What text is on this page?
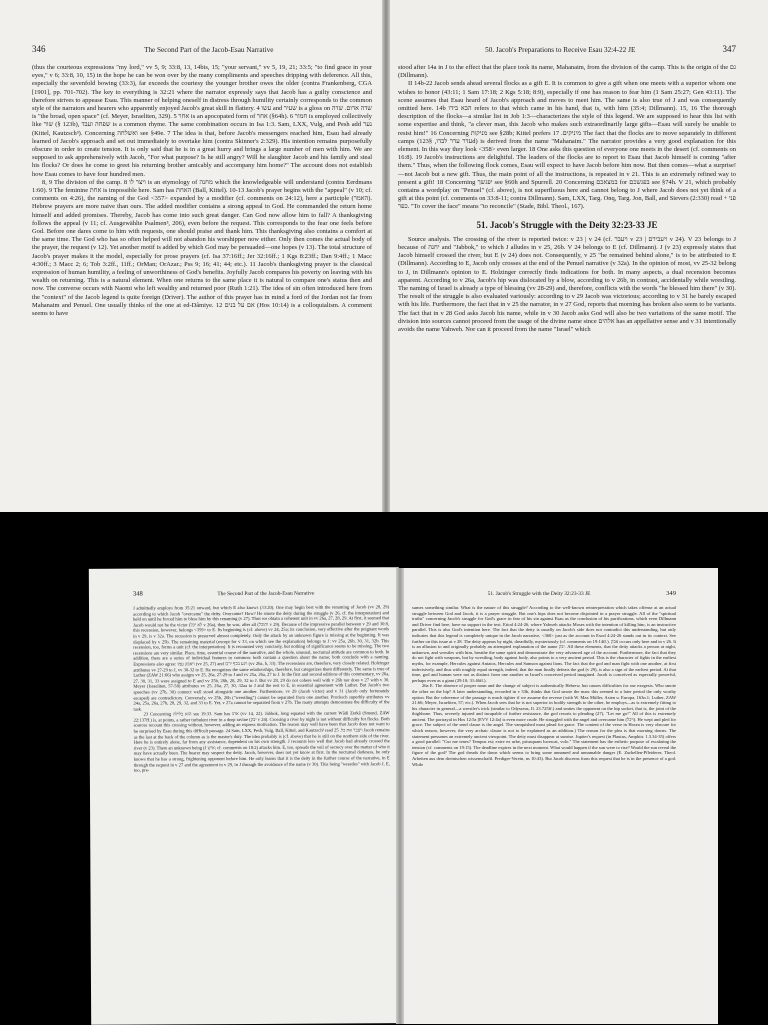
346	The Second Part of the Jacob-Esau Narrative

(thus the courteous expressions "my lord," vv 5, 9; 33:8, 13, 14bis, 15; "your servant," vv 5, 19, 21; 33:5; "to find grace in your eyes," v 6; 33:8, 10, 15) in the hope he can be won over by the many compliments and speeches dripping with deference. All this, especially the sevenfold bowing (33:3), far exceeds the courtesy the younger brother owes the older (contra Frankenberg, CGA [1901], pp. 701-702). The key to everything is 32:21 where the narrator expressly says that Jacob has a guilty conscience and therefore strives to appease Esau. This manner of helping oneself in distress through humility certainly corresponds to the common style of the narrators and hearers who apparently enjoyed Jacob's great skill in flattery. 4 עשו and שעיר is a gloss on שדה אדום. שדה is "the broad, open space" (cf. Meyer, Israeliten, 329). 5 אחר is an apocopated form of אחר (§64h). 6 חמור is employed collectively like שור (§ 123b), שפחה ועבד is a common rhyme. The same combination occurs in Isa 1:3. Sam, LXX, Vulg, and Pesh add נער (Kittel, Kautzsch³). Concerning ואשלחה see §49e. 7 The idea is that, before Jacob's messengers reached him, Esau had already learned of Jacob's approach and set out immediately to overtake him (contra Skinner's 2:329). His intention remains purposefully obscure in order to create tension. It is only said that he is in a great hurry and brings a large number of men with him. We are supposed to ask apprehensively with Jacob, "For what purpose? Is he still angry? Will he slaughter Jacob and his family and steal his flocks? Or does he come to greet his returning brother amicably and accompany him home?" The account does not establish how Esau comes to have four hundred men.

8, 9 The division of the camp. 8 ויצר לו is an etymology of מחנה which the knowledgeable will understand (contra Eerdmans 1:60). 9 The feminine אחת is impossible here. Sam has האחת (Ball, Kittel). 10-13 Jacob's prayer begins with the "appeal" (v 10; cf. comments on 4:26), the naming of the God <357> expanded by a modifier (cf. comments on 24:12), here a participle (האמר). Hebrew prayers are more naive than ours. The added modifier contains a strong appeal to God. He commanded the return home himself and added promises. Thereby, Jacob has come into such great danger. Can God now allow him to fall? A thanksgiving follows the appeal (v 11; cf. Ausgewählte Psalmen³, 206), even before the request. This corresponds to the fear one feels before God. Before one dares come to him with requests, one should praise and thank him. This thanksgiving also contains a comfort at the same time. The God who has so often helped will not abandon his worshipper now either. Only then comes the actual body of the prayer, the request (v 12). Yet another motif is added by which God may be persuaded—one hopes (v 13). The total structure of Jacob's prayer makes it the model, especially for prose prayers (cf. Isa 37:16ff.; Jer 32:16ff.; 1 Kgs 8:23ff.; Dan 9:4ff.; 1 Macc 4:30ff.; 3 Macc 2; 6; Tob 3:2ff., 11ff.; OrMan; OrAzar.; Pss 9; 16; 41; 44; etc.). 11 Jacob's thanksgiving prayer is the classical expression of human humility, a feeling of unworthiness of God's benefits. Joyfully Jacob compares his poverty on leaving with his wealth on returning. This is a natural element. When one returns to the same place it is natural to compare one's status then and now. The converse occurs with Naomi who left wealthy and returned poor (Ruth 1:21). The idea of sin often introduced here from the "context" of the Jacob legend is quite foreign (Driver). The author of this prayer has in mind a ford of the Jordan not far from Mahanaim and Penuel. One usually thinks of the one at ed-Dâmiye. 12 אם על בנים (Hos 10:14) is a colloquialism. A comment seems to have

50. Jacob's Preparations to Receive Esau 32:4-22 JE	347

stood after 14a in J to the effect that the place took its name, Mahanaim, from the division of the camp. This is the origin of the גם (Dillmann).

II 14b-22 Jacob sends ahead several flocks as a gift E. It is common to give a gift when one meets with a superior whom one wishes to honor (43:11; 1 Sam 17:18; 2 Kgs 5:18; 8:9), especially if one has reason to fear him (1 Sam 25:27; Gen 43:11). The scene assumes that Esau heard of Jacob's approach and moves to meet him. The same is also true of J and was consequently omitted here. 14b הבא בידו refers to that which came in his hand, that is, with him (35:4; Dillmann). 15, 16 The thorough description of the flocks—a similar list in Job 1:3—characterizes the style of this legend. We are supposed to hear this list with some expertise and think, "a clever man, this Jacob who makes such extraordinarily large gifts—Esau will surely be unable to resist him!" 16 Concerning מניקות see §28b; Kittel prefers מיניקים. 17 The fact that the flocks are to move separately in different camps (עדר עדר לבדו, §123d) is derived from the name "Mahanaim." The narrator provides a very good explanation for this element. In this way they look <358> even larger. 18 One asks this question of everyone one meets in the desert (cf. comments on 16:8). 19 Jacob's instructions are delightful. The leaders of the flocks are to report to Esau that Jacob himself is coming "after them." Thus, when the following flock comes, Esau will expect to have Jacob before him now. But then comes—what a surprise!—not Jacob but a new gift. Thus, the main point of all the instructions, is repeated in v 21. This is an extremely refined way to present a gift! 18 Concerning יפגשך see §60h and Spurrell. 20 Concerning במצאכם for בפגשכם see §74h. V 21, which probably contains a wordplay on "Penuel" (cf. above), is not superfluous here and cannot belong to J where Jacob does not yet think of a gift at this point (cf. comments on 33:8-11; contra Dillmann). Sam, LXX, Targ. Onq, Targ. Jon, Ball, and Sievers (2:330) read פני + כפר. "To cover the face" means "to reconcile" (Stade, Bibl. Theol., 167).

51. Jacob's Struggle with the Deity 32:23-33 JE

Source analysis. The crossing of the river is reported twice: v 23 | v 24 (cf. ויעבר v 23 | ויעבירם v 24). V 23 belongs to J because of יחנה and "Jabbok," to which J alludes in v 25, 26b. V 24 belongs to E (cf. Dillmann). J (v 23) expressly states that Jacob himself crossed the river, but E (v 24) does not. Consequently, v 25 "he remained behind alone," is to be attributed to E (Dillmann). According to E, Jacob only crosses at the end of the Penuel narrative (v 32a). In the opinion of most, vv 25-32 belong to J, in Dillmann's opinion to E. Holzinger correctly finds indications for both. In many aspects, a dual recension becomes apparent. According to v 26a, Jacob's hip was dislocated by a blow, according to v 26b, in contrast, accidentally while wrestling. The naming of Israel is already a type of blessing (vv 28-29) and, therefore, conflicts with the words "he blessed him there" (v 30). The result of the struggle is also evaluated variously: according to v 29 Jacob was victorious; according to v 31 he barely escaped with his life. Furthermore, the fact that in v 25 the narrator, in v 27 God, reports that morning has broken also seem to be variants. The fact that in v 28 God asks Jacob his name, while in v 30 Jacob asks God will also be two variations of the same motif. The division into sources cannot proceed from the usage of the divine name since אלהים has an appellative sense and v 31 intentionally avoids the name Yahweh. Nor can it proceed from the name "Israel" which

348	The Second Part of the Jacob-Esau Narrative

J admittedly employs from 35:21 onward, but which E also knows (33:20). One may begin best with the renaming of Jacob (vv 28, 29) according to which Jacob "overcame" the deity. Overcame? How? He smote the deity during the struggle (v 26, cf. the interpretation) and held on until he forced him to bless him by this renaming (v 27). Thus we obtain a coherent unit in vv 26a, 27, 28, 29. At first, it seemed that Jacob would not be the victor (לא יכל v 26a), then he was, after all (ותוכל v 29). Because of the impressive parallel between v 29 and 30:8, this recension, however, belongs <359> to E. Its beginning is (cf. above) vv 24, 25a; its conclusion, very effective after the poignant words in v 29, is v 32a. The recession is preserved almost completely. Only the attack by an unknown figure is missing at the beginning. It was displaced by v 25b. The remaining material (except for v 33, on which see the explanation) belongs to J: vv 25a, 26b, 30, 31, 32b. This recension, too, forms a unit (cf. the interpretation). It is recounted very concisely, but nothing of significance seems to be missing. The two recensions are very similar. Place, time, essential course of the narrative, and the whole, unusual, nocturnal attitude are common to both. In addition, there are a series of individual features in common: both contain a question about the name; both conclude with a naming. Expressions also agree: ויאבק עמו (vv 25, 27) and ויגע בכף ירכו (vv 26a, b, 33). The recensions are, therefore, very closely related. Holzinger attributes vv 27-29 to J, vv 30-32 to E. He recognizes the same relationships, therefore, but categorizes them differently. The same is true of Luther (ZAW 21:66) who assigns vv 25, 26a, 27-29 to J and vv 25a, 26a, 27 to J. In the first and second editions of this commentary, vv 26a, 27, 30, 31, 33 were assigned to E and vv 25b, 26b, 28, 29, 32 to J. But vv 28, 29 do not cohere well with v 26b nor does v 27 with v 30. Meyer (Israeliten, 57-58) attributes vv 25, 26a, 27, 30, 32aa to J and the rest to E, in essential agreement with Luther. But Jacob's two speeches (vv 27b, 30) connect well stood alongside one another. Furthermore, vv 29 (Jacob victor) and v 31 (Jacob only fortunately escaped) are contradictory. Conversely, vv 25b, 26b ("wrestling") cannot be separated from one another. Procksch superbly attributes vv 24a, 25a, 26a, 27b, 28, 29, 32, and 33 to E. Yet, v 27a cannot be separated from v 27b. The many attempts demonstrate the difficulty of the task.

23 Concerning הוא בלילה see 19:33. Sam has אתו (vv 14, 22). Jabbok, long equated with the current Wâdi Zerkâ (Smend, ZAW 22:137ff.) is, at points, a rather turbulent river in a deep ravine (יבק v 24). Crossing a river by night is not without difficulty for flocks. Both sources recount this crossing without, however, adding an express motivation. The reason may well have been that Jacob does not want to be surprised by Esau during this difficult passage. 24 Sam, LXX, Pesh, Vulg, Ball, Kittel, and Kautzsch³ read ויעבר את כל. 25 Jacob remains as the last at the back of the column as is the master's duty. The idea probably is (cf. above) that he is still on the northern side of the river. Here he is entirely alone, far from any assistance, dependent on his own strength. J recounts less well that Jacob had already crossed the river (v 23). There an unknown being (J איש; cf. comments on 18:2) attacks him. E, too, spreads the veil of secrecy over the matter of who it may have actually been. The hearer may suspect the deity. Jacob, however, does not yet know at first. In the nocturnal darkness, he only knows that he has a strong, frightening opponent before him. He only learns that it is the deity in the further course of the narrative, in E through the request in v 27 and the agreement in v 29, in J through the avoidance of the name (v 30). This being "wrestles" with Jacob J, E, too, pre-

51. Jacob's Struggle with the Deity 32:23-33 JE	349

sumes something similar. What is the nature of this struggle? According to the well-known reinterpretation which takes offense at an actual struggle between God and Jacob, it is a prayer struggle. But one's hips does not become disjointed in a prayer struggle. All of the "spiritual truths" concerning Jacob's struggle for God's grace in fear of his sin against Esau as the conclusion of his purifications, which even Dillmann and Driver find here, have no support in the text. Etiod 4:24-26, where Yahweh attacks Moses with the intention of killing him, is an instructive parallel. This is also God's intention here. The fact that the deity is usually on Jacob's side does not contradict this understanding, but only indicates that this legend is completely unique in the Jacob narrative, <360> just as the account in Exod 4:24-26 stands out in its context. See further on this issue at v 28. The deity appears by night, dreadfully, mysteriously (cf. comments on 19:14ff.). אבק occurs only here and in v 26. It is an allusion to and originally probably an attempted explanation of the name יבק. All these elements, that the deity attacks a person at night, unknown, and wrestles with him, breathe the same spirit and demonstrate the very advanced age of the account. Furthermore, the fact that they do not fight with weapons, but by wrestling, body against body, also points to a very ancient period. This is the character of fights in the earliest myths, for example, Hercules against Antaios, Hercules and Samson against lions. The fact that the god and man fight with one another, at first indecisively, and thus with roughly equal strength, indeed, that the man finally defeats the god (v 29), is also a sign of the earliest period. At that time, god and human were not as distinct from one another as Israel's conceived period imagined. Jacob is conceived as especially powerful, perhaps even as a giant (29:10; 31:46ff.).

26a E. The absence of proper noun and the change of subject is authentically Hebrew, but causes difficulties for our exegesis. Who smote the other on the hip? A later understanding, recorded in v 33b, thinks that God smote the man: this seemed to a later period the only worthy option. But the coherence of the passage is much tighter if we assume the reverse (with W. Max Müller, Asien u. Europa, 163n.1; Luther, ZAW 21:66; Meyer, Israeliten, 57; etc.). When Jacob sees that he is not superior in bodily strength to the other, he employs—as is extremely fitting to his character in general—a wrestler's trick (similar to Odysseus, Il. 23.725ff.) and smites the opponent on the hip socket, that is, the joint of the thighbone. Thus, severely injured and incapable of further resistance, the god resorts to pleading (27), "Let me go!" All of this is extremely ancient. The portrayal in Hos 12:5a [EVV 12:4a] is even more crude. He struggled with the angel and overcame him (ויכל). He wept and pled for grace. The subject of the send clause is the angel. The vanquished must plead for grace. The content of the verse in Hosea is very obscure for which reason, however, the very archaic clause is not to be explained as an addition.) The reason for the plea is that morning dawns. The statement presumes an extremely ancient viewpoint. The deity must disappear at sunrise. Jupiter's request (in Plautus, Amphitr. 1.3.34-35) offers a good parallel: "Cur me tenes? Tempus est; exire ex urbe, priusquam lucescat, volo." The statement has the esthetic purpose of escalating the tension (cf. comments on 19:15). The deadline expires in the next moment. What would happen if the sun were to rise? Would the sun reveal the figure of the god? The god dreads the dawn which seems to bring some unnamed and unnamable danger (E. Zurhellen-Pfleiderer, Theol. Arbeiten aus dem rheinischen wissenschaftl. Prediger-Verein, ns 10:43). But Jacob discerns from this request that he is in the presence of a god. While
